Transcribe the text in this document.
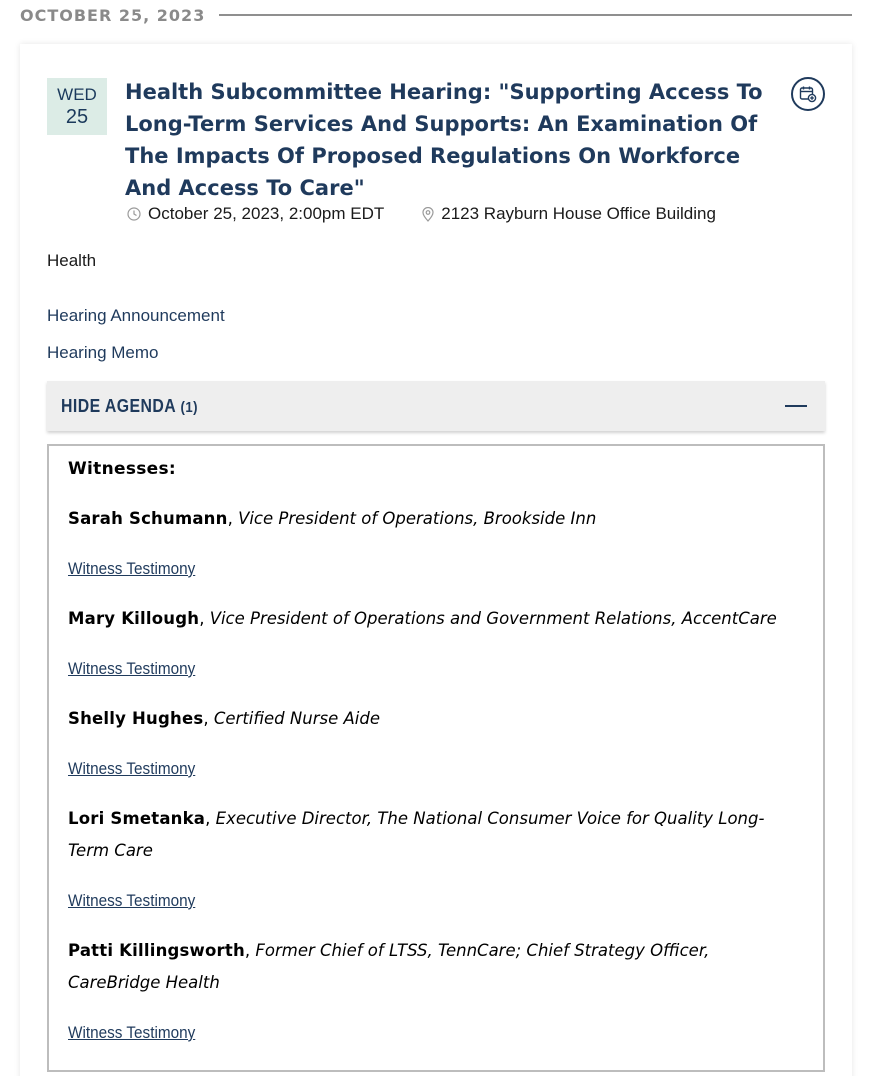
OCTOBER 25, 2023
WED
25
Health Subcommittee Hearing: "Supporting Access To Long-Term Services And Supports: An Examination Of The Impacts Of Proposed Regulations On Workforce And Access To Care"
October 25, 2023, 2:00pm EDT	2123 Rayburn House Office Building
Health
Hearing Announcement
Hearing Memo
HIDE AGENDA (1)
Witnesses:
Sarah Schumann, Vice President of Operations, Brookside Inn
Witness Testimony
Mary Killough, Vice President of Operations and Government Relations, AccentCare
Witness Testimony
Shelly Hughes, Certified Nurse Aide
Witness Testimony
Lori Smetanka, Executive Director, The National Consumer Voice for Quality Long-Term Care
Witness Testimony
Patti Killingsworth, Former Chief of LTSS, TennCare; Chief Strategy Officer, CareBridge Health
Witness Testimony
